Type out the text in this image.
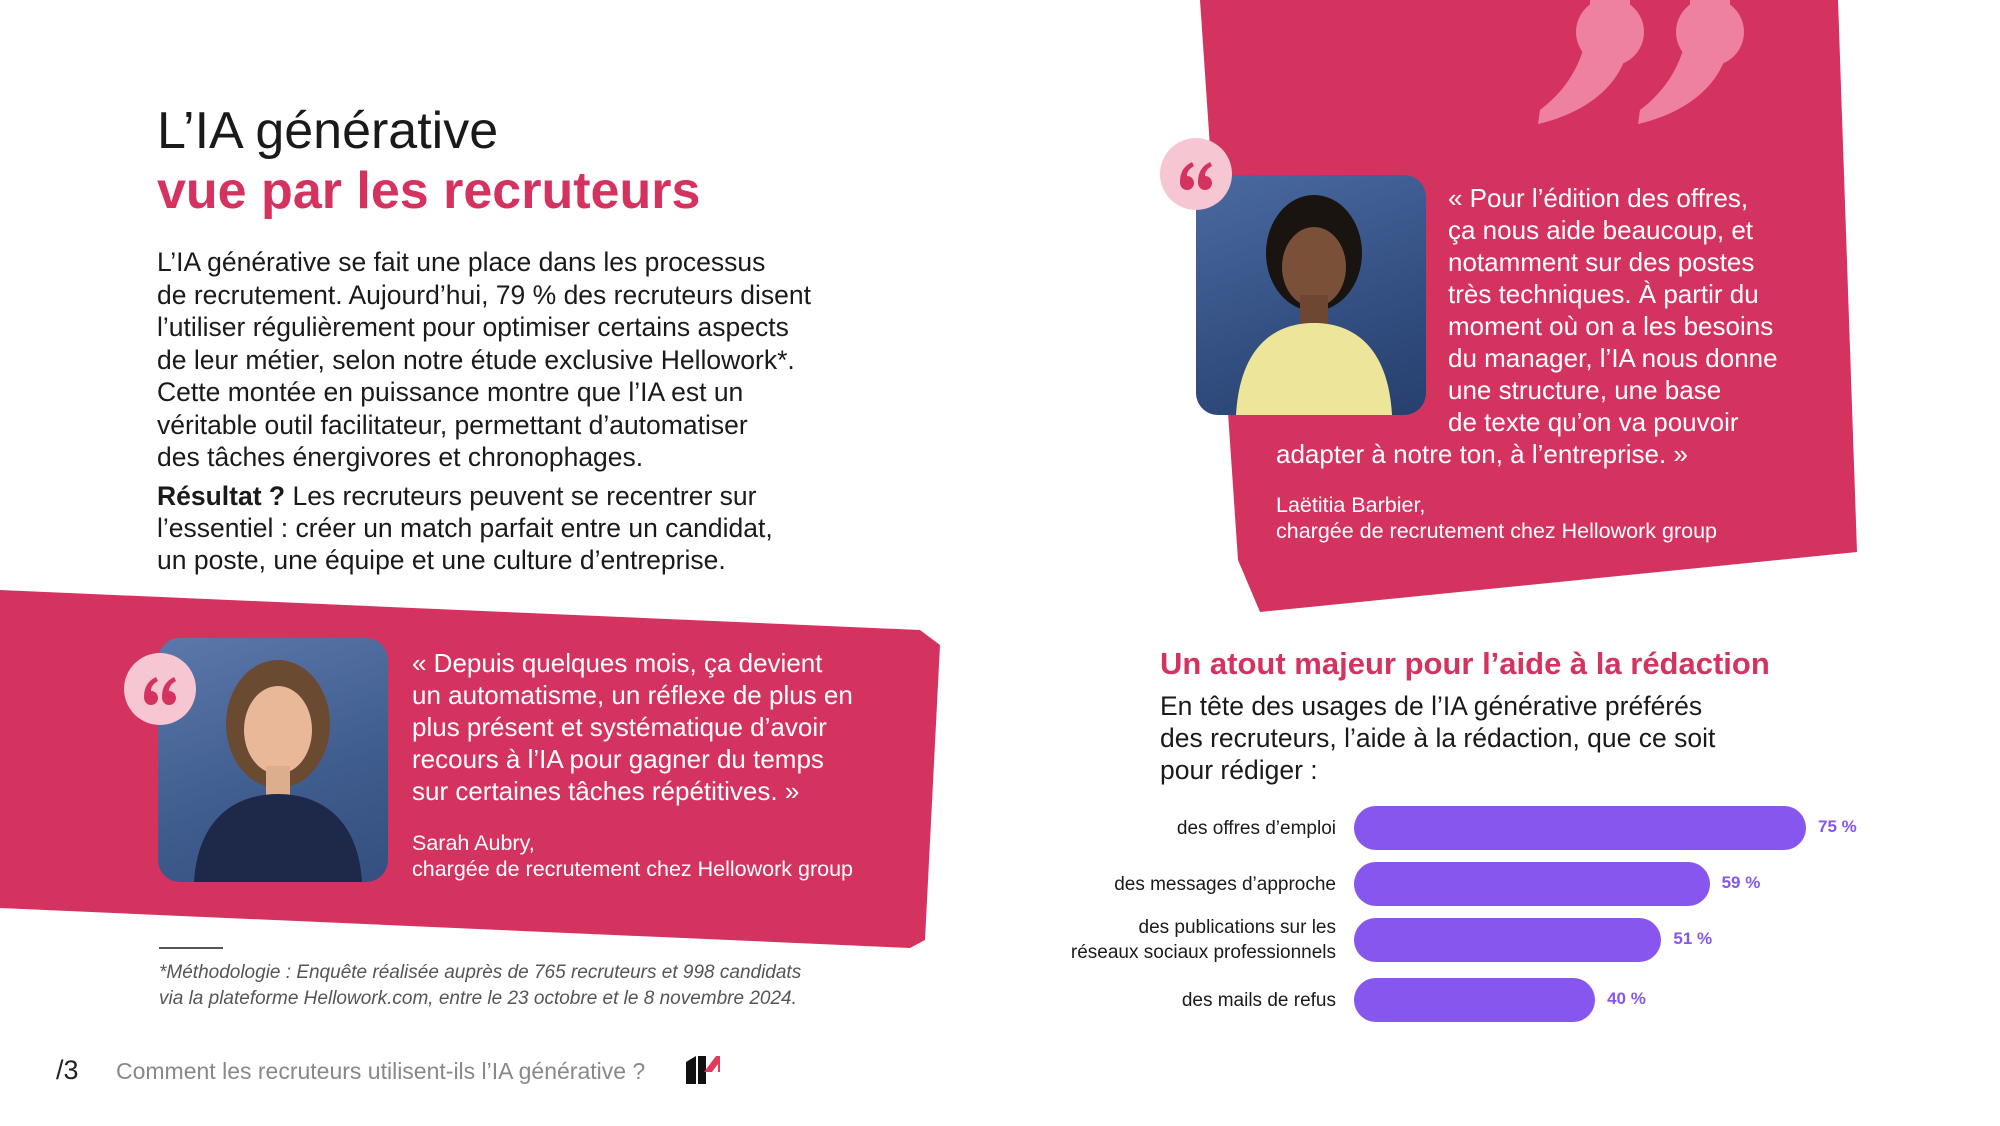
L’IA générative
vue par les recruteurs
L’IA générative se fait une place dans les processus
de recrutement. Aujourd’hui, 79 % des recruteurs disent
l’utiliser régulièrement pour optimiser certains aspects
de leur métier, selon notre étude exclusive Hellowork*.
Cette montée en puissance montre que l’IA est un
véritable outil facilitateur, permettant d’automatiser
des tâches énergivores et chronophages.
Résultat ? Les recruteurs peuvent se recentrer sur
l’essentiel : créer un match parfait entre un candidat,
un poste, une équipe et une culture d’entreprise.
« Pour l’édition des offres,
ça nous aide beaucoup, et
notamment sur des postes
très techniques. À partir du
moment où on a les besoins
du manager, l’IA nous donne
une structure, une base
de texte qu’on va pouvoir
adapter à notre ton, à l’entreprise. »
Laëtitia Barbier,
chargée de recrutement chez Hellowork group
« Depuis quelques mois, ça devient
un automatisme, un réflexe de plus en
plus présent et systématique d’avoir
recours à l’IA pour gagner du temps
sur certaines tâches répétitives. »
Sarah Aubry,
chargée de recrutement chez Hellowork group
*Méthodologie : Enquête réalisée auprès de 765 recruteurs et 998 candidats
via la plateforme Hellowork.com, entre le 23 octobre et le 8 novembre 2024.
/3 Comment les recruteurs utilisent-ils l’IA générative ?
Un atout majeur pour l’aide à la rédaction
En tête des usages de l’IA générative préférés
des recruteurs, l’aide à la rédaction, que ce soit
pour rédiger :
des offres d’emploi	75 %
des messages d’approche	59 %
des publications sur les
réseaux sociaux professionnels
51 %
des mails de refus	40 %
